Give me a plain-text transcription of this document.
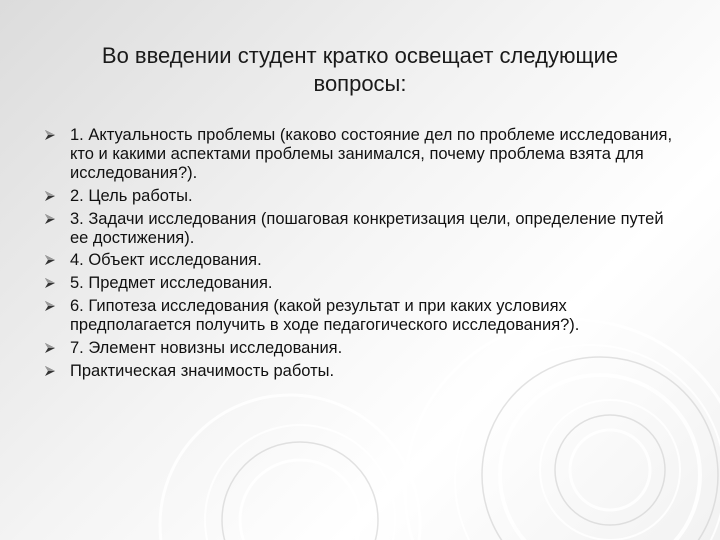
Во введении студент кратко освещает следующие
вопросы:
1. Актуальность проблемы (каково состояние дел по проблеме исследования, кто и какими аспектами проблемы занимался, почему проблема взята для исследования?).
2. Цель работы.
3. Задачи исследования (пошаговая конкретизация цели, определение путей ее достижения).
4. Объект исследования.
5. Предмет исследования.
6. Гипотеза исследования (какой результат и при каких условиях предполагается получить в ходе педагогического исследования?).
7. Элемент новизны исследования.
Практическая значимость работы.
